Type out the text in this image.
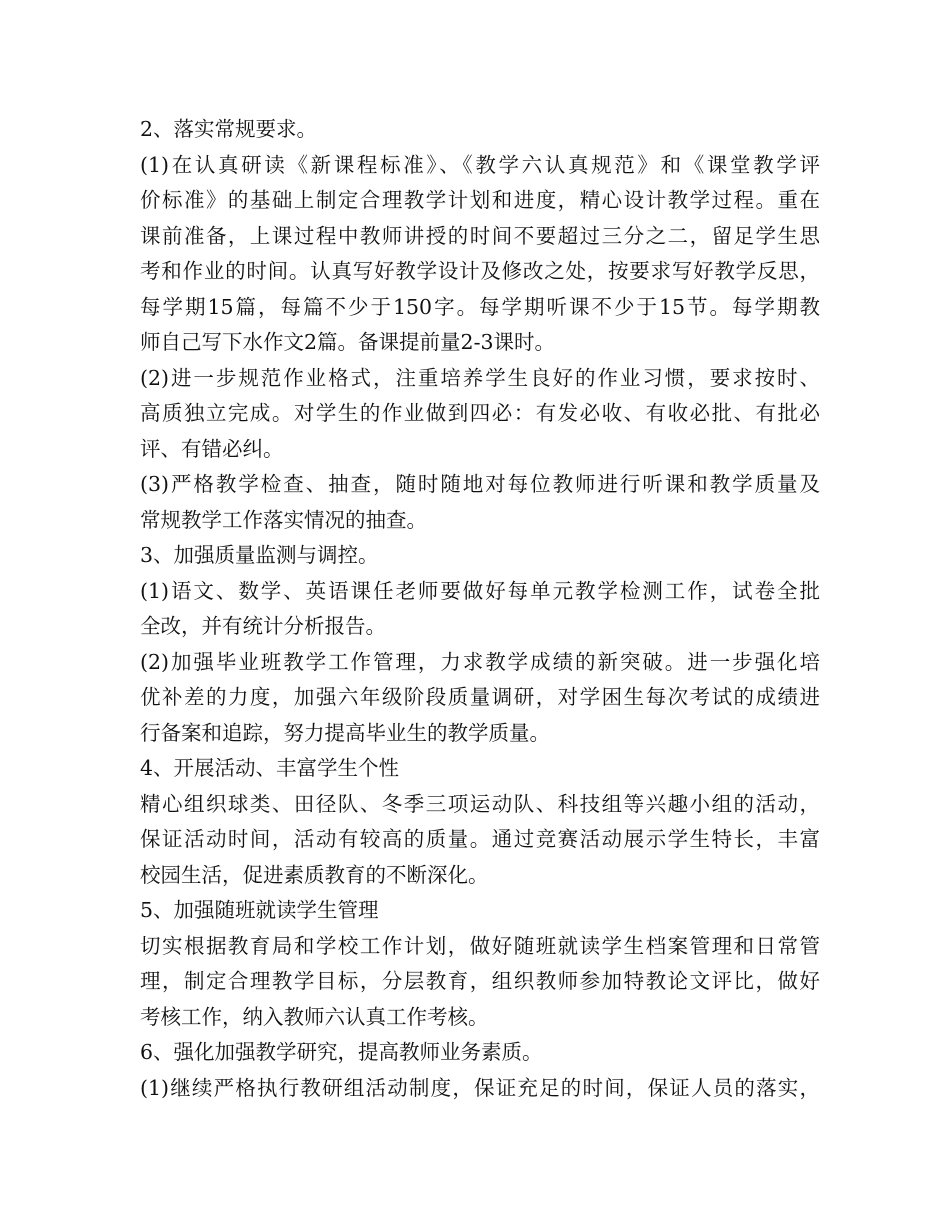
2、落实常规要求。
(1)在认真研读《新课程标准》、《教学六认真规范》和《课堂教学评
价标准》的基础上制定合理教学计划和进度，精心设计教学过程。重在
课前准备，上课过程中教师讲授的时间不要超过三分之二，留足学生思
考和作业的时间。认真写好教学设计及修改之处，按要求写好教学反思，
每学期15篇，每篇不少于150字。每学期听课不少于15节。每学期教
师自己写下水作文2篇。备课提前量2-3课时。
(2)进一步规范作业格式，注重培养学生良好的作业习惯，要求按时、
高质独立完成。对学生的作业做到四必：有发必收、有收必批、有批必
评、有错必纠。
(3)严格教学检查、抽查，随时随地对每位教师进行听课和教学质量及
常规教学工作落实情况的抽查。
3、加强质量监测与调控。
(1)语文、数学、英语课任老师要做好每单元教学检测工作，试卷全批
全改，并有统计分析报告。
(2)加强毕业班教学工作管理，力求教学成绩的新突破。进一步强化培
优补差的力度，加强六年级阶段质量调研，对学困生每次考试的成绩进
行备案和追踪，努力提高毕业生的教学质量。
4、开展活动、丰富学生个性
精心组织球类、田径队、冬季三项运动队、科技组等兴趣小组的活动，
保证活动时间，活动有较高的质量。通过竞赛活动展示学生特长，丰富
校园生活，促进素质教育的不断深化。
5、加强随班就读学生管理
切实根据教育局和学校工作计划，做好随班就读学生档案管理和日常管
理，制定合理教学目标，分层教育，组织教师参加特教论文评比，做好
考核工作，纳入教师六认真工作考核。
6、强化加强教学研究，提高教师业务素质。
(1)继续严格执行教研组活动制度，保证充足的时间，保证人员的落实，
